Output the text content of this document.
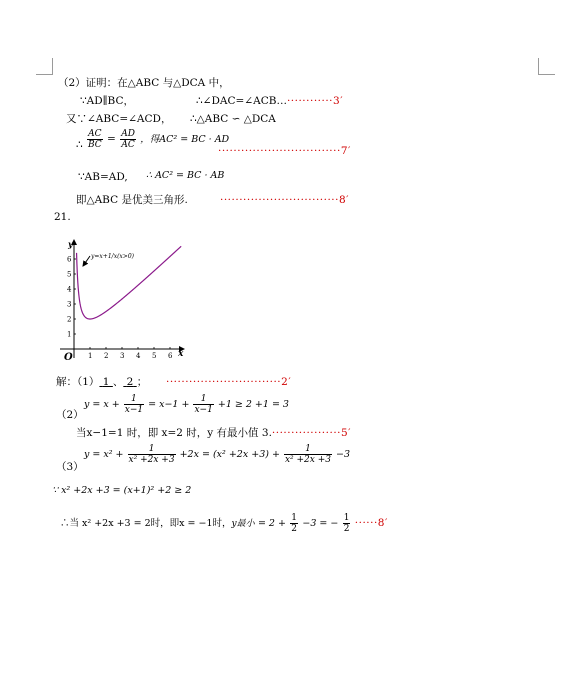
（2）证明：在△ABC 与△DCA 中，
∵AD∥BC，	∴∠DAC=∠ACB…············3′
又∵∠ABC=∠ACD， ∴△ABC ∽ △DCA
∴ $\frac{AC}{BC} = \frac{AD}{AC}$ ，得AC² = BC · AD
································7′
∵AB=AD, ∴ AC² = BC · AB
即△ABC 是优美三角形.	·······························8′
21.
1 2 3 4 5 6
1
2
3
4
5
6	y=x+1/x(x>0)
y
x
O
解：（1） 1 、 2 ； ······························2′
（2）
$y = x + \frac{1}{x-1} = x-1 + \frac{1}{x-1} +1 \ge 2 +1 = 3$
当x−1=1 时，即 x=2 时，y 有最小值 3.··················5′
（3）
$y = x^2 + \frac{1}{\text{x² +2x +3}} +2x = (x^2 +2x +3) + \frac{1}{\text{x² +2x +3}} -3$
∵ x² +2x +3 = (x+1)² +2 ≥ 2
∴当 x² +2x +3 = 2时，即x = −1时，y最小 = $2 + \frac{1}{2} -3$ = − $\frac{1}{2} \cdot\cdot\cdot\cdot\cdot\cdot 8'$
